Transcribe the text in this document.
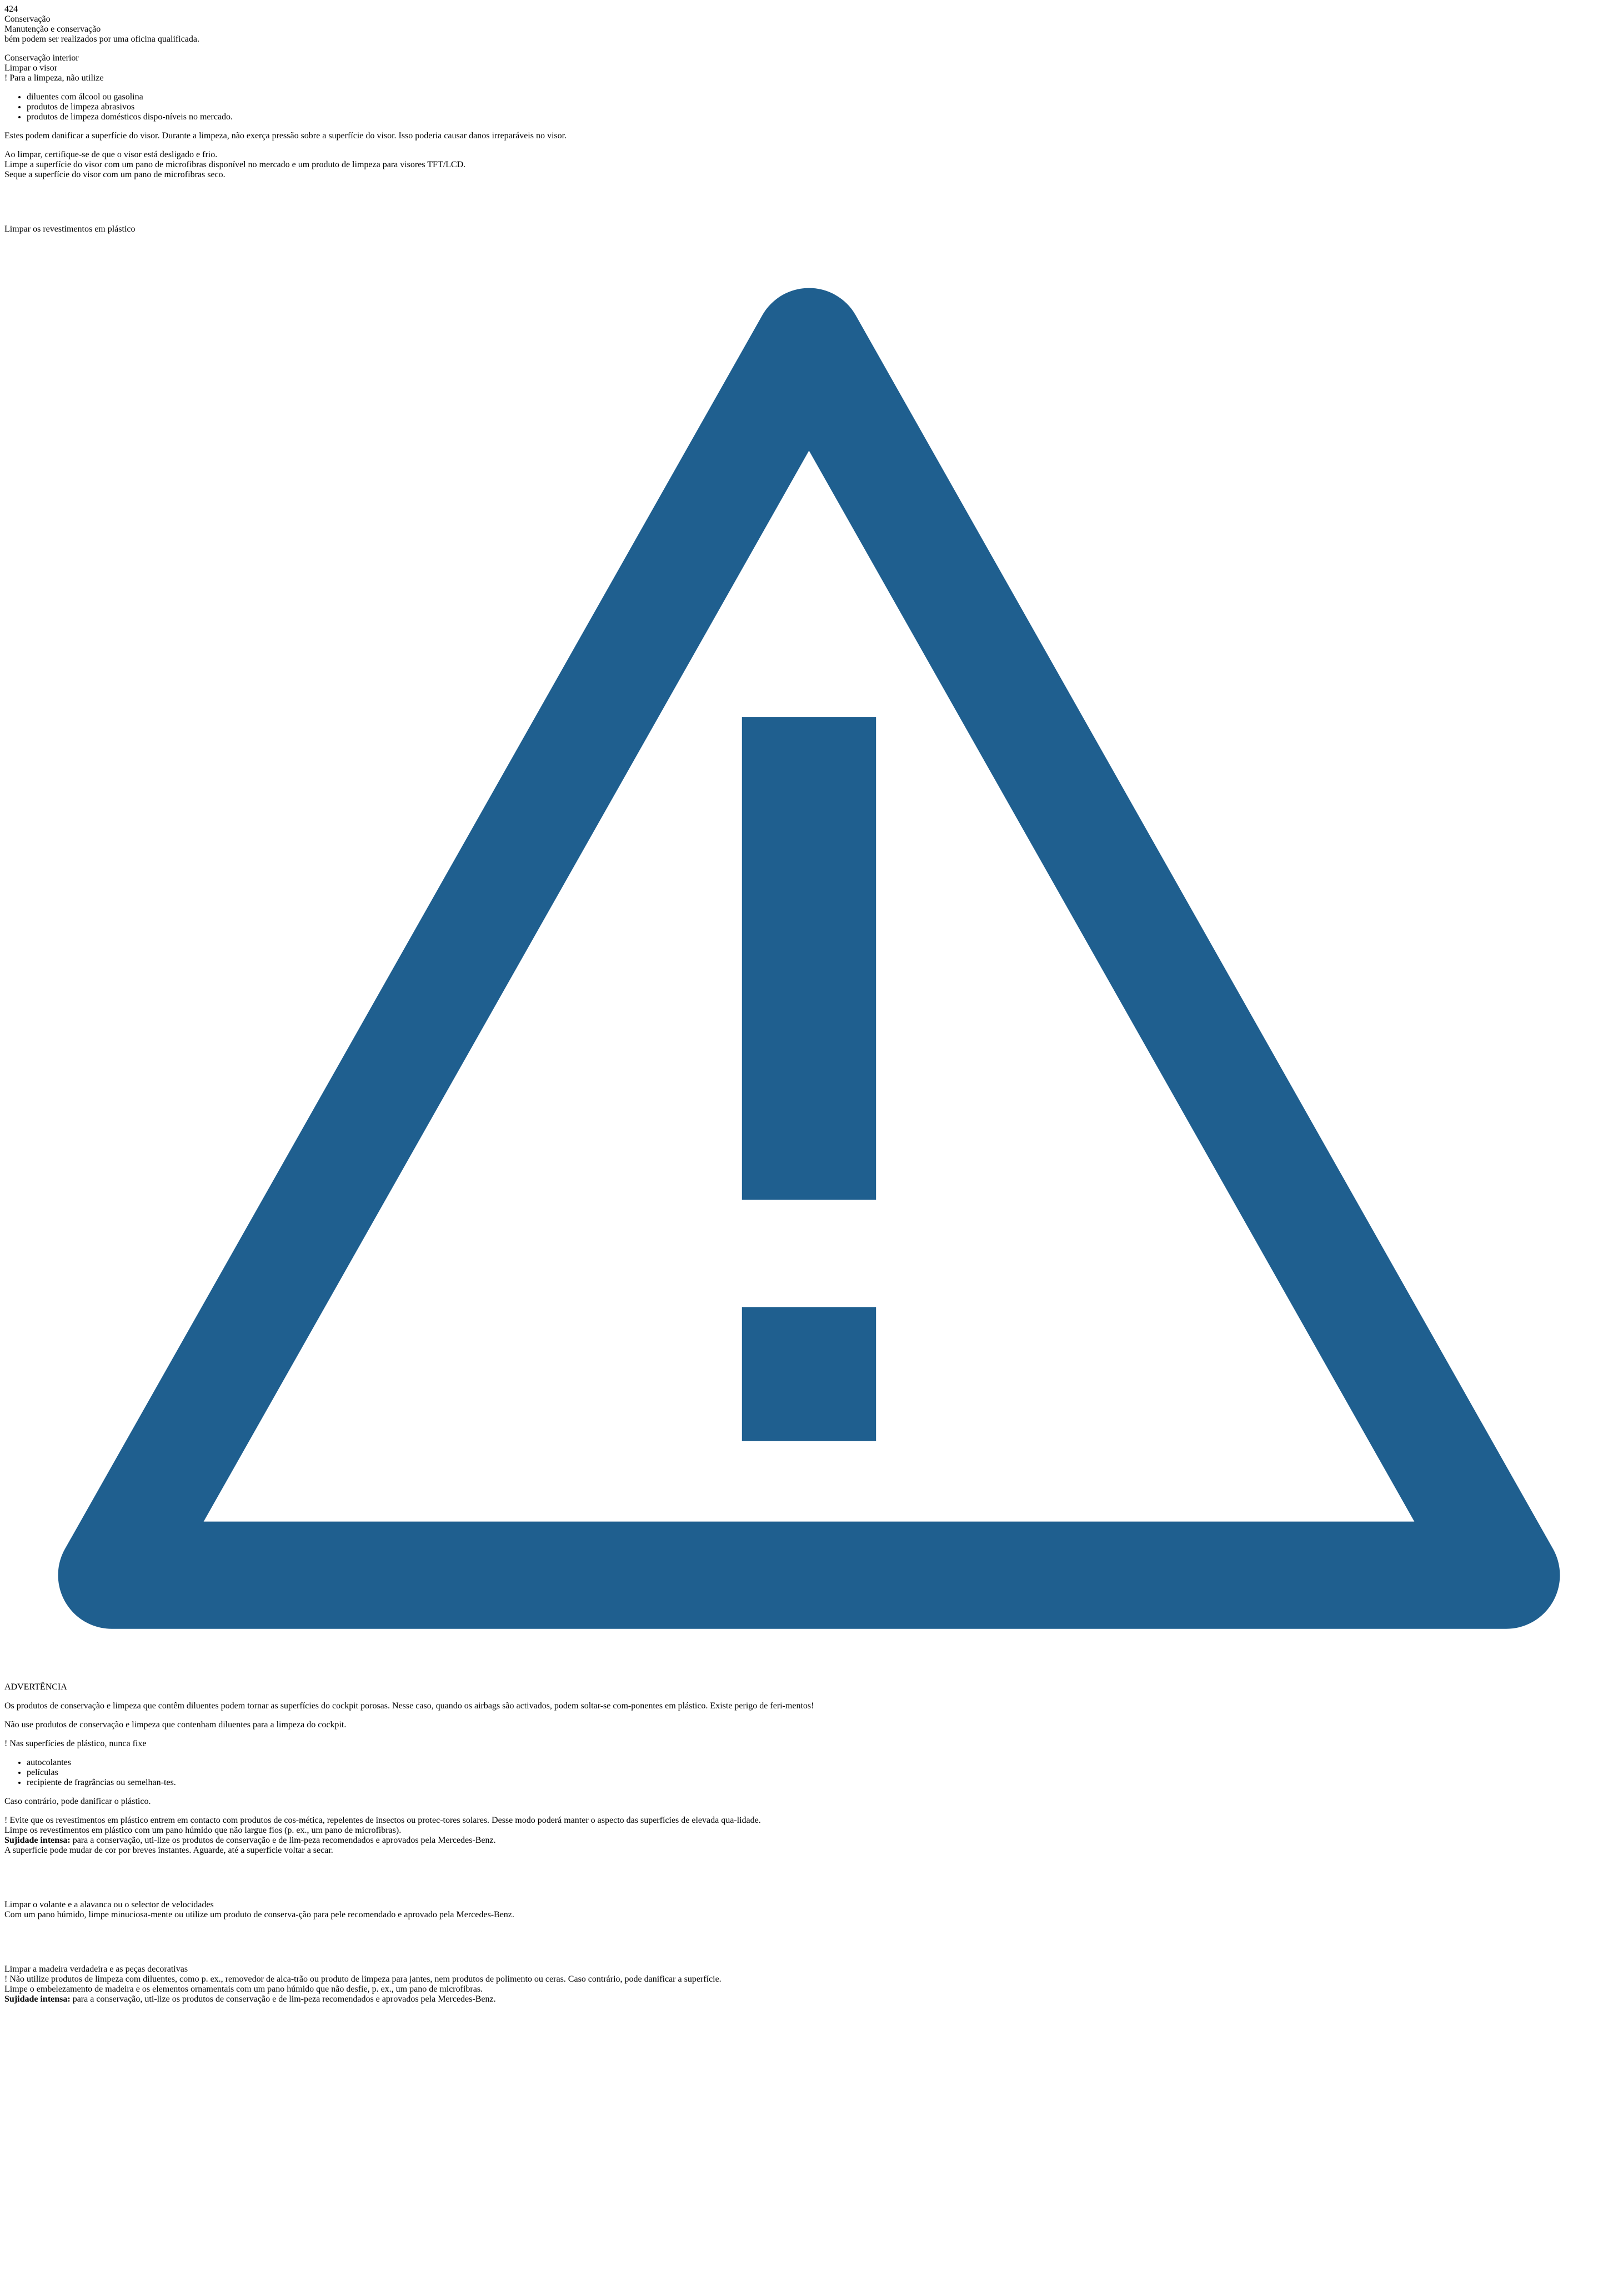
424
Conservação
Manutenção e conservação

bém podem ser realizados por uma oficina qualificada.

Conservação interior
Limpar o visor
! Para a limpeza, não utilize
• diluentes com álcool ou gasolina
• produtos de limpeza abrasivos
• produtos de limpeza domésticos dispo-níveis no mercado.

Estes podem danificar a superfície do visor. Durante a limpeza, não exerça pressão sobre a superfície do visor. Isso poderia causar danos irreparáveis no visor.

Ao limpar, certifique-se de que o visor está desligado e frio.
Limpe a superfície do visor com um pano de microfibras disponível no mercado e um produto de limpeza para visores TFT/LCD.
Seque a superfície do visor com um pano de microfibras seco.
Limpar os revestimentos em plástico
ADVERTÊNCIA

Os produtos de conservação e limpeza que contêm diluentes podem tornar as superfícies do cockpit porosas. Nesse caso, quando os airbags são activados, podem soltar-se com-ponentes em plástico. Existe perigo de feri-mentos!

Não use produtos de conservação e limpeza que contenham diluentes para a limpeza do cockpit.

! Nas superfícies de plástico, nunca fixe
• autocolantes
• películas
• recipiente de fragrâncias ou semelhan-tes.

Caso contrário, pode danificar o plástico.

! Evite que os revestimentos em plástico entrem em contacto com produtos de cos-mética, repelentes de insectos ou protec-tores solares. Desse modo poderá manter o aspecto das superfícies de elevada qua-lidade.
Limpe os revestimentos em plástico com um pano húmido que não largue fios (p. ex., um pano de microfibras).
Sujidade intensa: para a conservação, uti-lize os produtos de conservação e de lim-peza recomendados e aprovados pela Mercedes-Benz.

A superfície pode mudar de cor por breves instantes. Aguarde, até a superfície voltar a secar.

Limpar o volante e a alavanca ou o selector de velocidades
Com um pano húmido, limpe minuciosa-mente ou utilize um produto de conserva-ção para pele recomendado e aprovado pela Mercedes-Benz.
Limpar a madeira verdadeira e as peças decorativas
! Não utilize produtos de limpeza com diluentes, como p. ex., removedor de alca-trão ou produto de limpeza para jantes, nem produtos de polimento ou ceras. Caso contrário, pode danificar a superfície.
Limpe o embelezamento de madeira e os elementos ornamentais com um pano húmido que não desfie, p. ex., um pano de microfibras.
Sujidade intensa: para a conservação, uti-lize os produtos de conservação e de lim-peza recomendados e aprovados pela Mercedes-Benz.
